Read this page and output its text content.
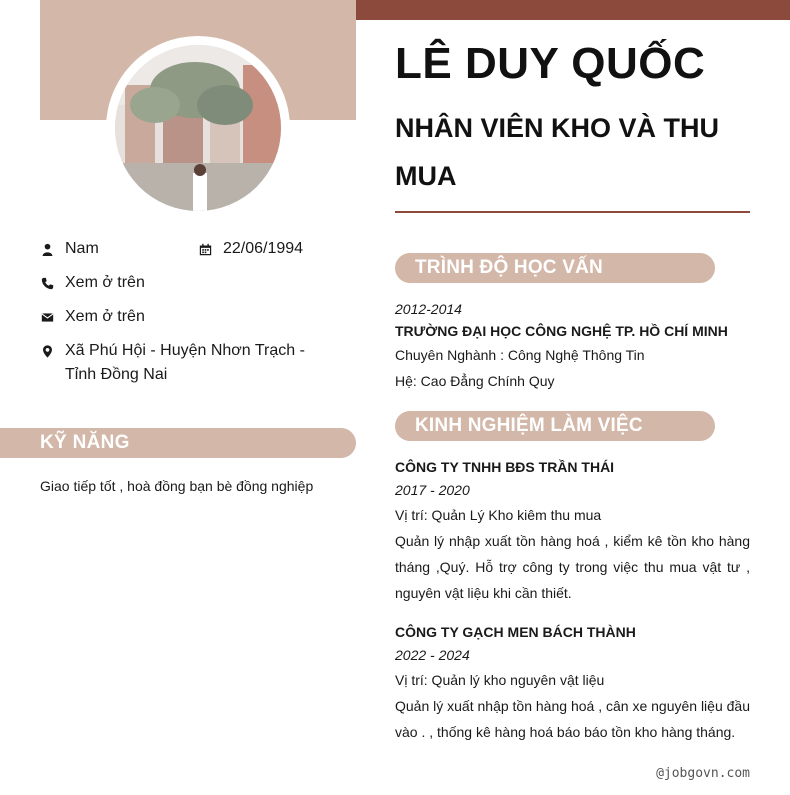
Nam	22/06/1994
Xem ở trên
Xem ở trên
Xã Phú Hội - Huyện Nhơn Trạch - Tỉnh Đồng Nai
KỸ NĂNG
Giao tiếp tốt , hoà đồng bạn bè đồng nghiệp
LÊ DUY QUỐC
NHÂN VIÊN KHO VÀ THU MUA
TRÌNH ĐỘ HỌC VẤN
2012-2014
TRƯỜNG ĐẠI HỌC CÔNG NGHỆ TP. HỒ CHÍ MINH
Chuyên Nghành : Công Nghệ Thông Tin
Hệ: Cao Đẳng Chính Quy
KINH NGHIỆM LÀM VIỆC
CÔNG TY TNHH BĐS TRẦN THÁI
2017 - 2020
Vị trí: Quản Lý Kho kiêm thu mua
Quản lý nhập xuất tồn hàng hoá , kiểm kê tồn kho hàng tháng ,Quý. Hỗ trợ công ty trong việc thu mua vật tư , nguyên vật liệu khi cần thiết.
CÔNG TY GẠCH MEN BÁCH THÀNH
2022 - 2024
Vị trí: Quản lý kho nguyên vật liệu
Quản lý xuất nhập tồn hàng hoá , cân xe nguyên liệu đầu vào . , thống kê hàng hoá báo báo tồn kho hàng tháng.
@jobgovn.com
